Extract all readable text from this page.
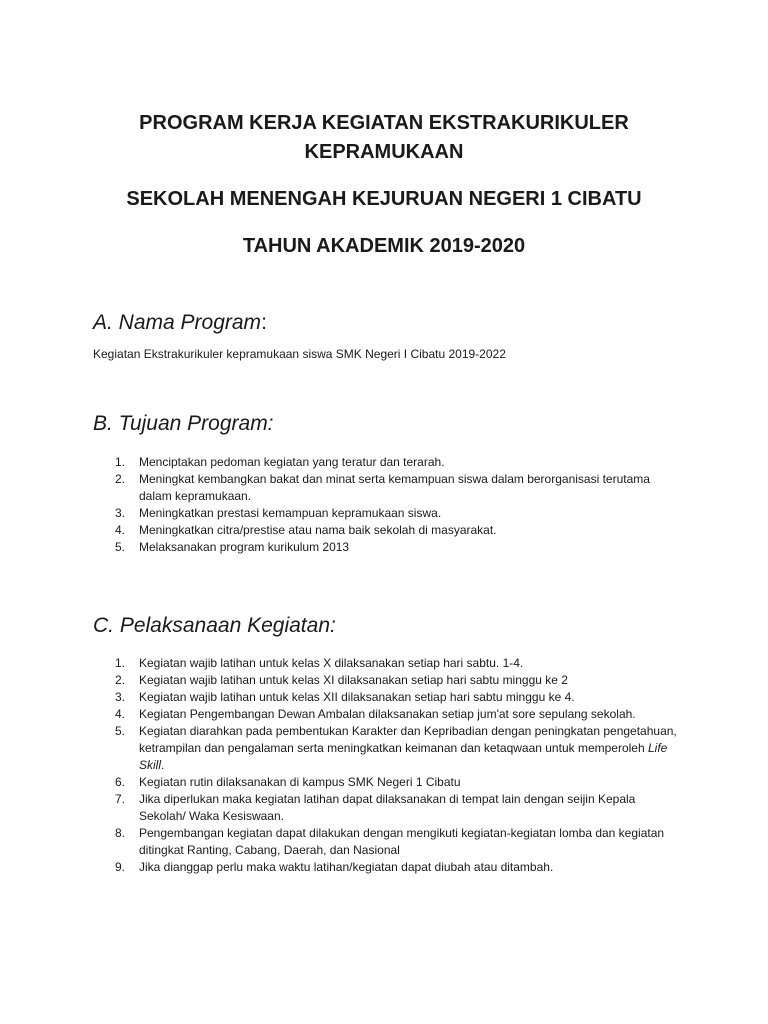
PROGRAM KERJA KEGIATAN EKSTRAKURIKULER
KEPRAMUKAAN
SEKOLAH MENENGAH KEJURUAN NEGERI 1 CIBATU
TAHUN AKADEMIK 2019-2020
A. Nama Program:

Kegiatan Ekstrakurikuler kepramukaan siswa SMK Negeri I Cibatu 2019-2022

B. Tujuan Program:
1. Menciptakan pedoman kegiatan yang teratur dan terarah.
2. Meningkat kembangkan bakat dan minat serta kemampuan siswa dalam berorganisasi terutama dalam kepramukaan.
3. Meningkatkan prestasi kemampuan kepramukaan siswa.
4. Meningkatkan citra/prestise atau nama baik sekolah di masyarakat.
5. Melaksanakan program kurikulum 2013
C. Pelaksanaan Kegiatan:
1. Kegiatan wajib latihan untuk kelas X dilaksanakan setiap hari sabtu. 1-4.
2. Kegiatan wajib latihan untuk kelas XI dilaksanakan setiap hari sabtu minggu ke 2
3. Kegiatan wajib latihan untuk kelas XII dilaksanakan setiap hari sabtu minggu ke 4.
4. Kegiatan Pengembangan Dewan Ambalan dilaksanakan setiap jum'at sore sepulang sekolah.
5. Kegiatan diarahkan pada pembentukan Karakter dan Kepribadian dengan peningkatan pengetahuan, ketrampilan dan pengalaman serta meningkatkan keimanan dan ketaqwaan untuk memperoleh Life Skill.
6. Kegiatan rutin dilaksanakan di kampus SMK Negeri 1 Cibatu
7. Jika diperlukan maka kegiatan latihan dapat dilaksanakan di tempat lain dengan seijin Kepala Sekolah/ Waka Kesiswaan.
8. Pengembangan kegiatan dapat dilakukan dengan mengikuti kegiatan-kegiatan lomba dan kegiatan ditingkat Ranting, Cabang, Daerah, dan Nasional
9. Jika dianggap perlu maka waktu latihan/kegiatan dapat diubah atau ditambah.
